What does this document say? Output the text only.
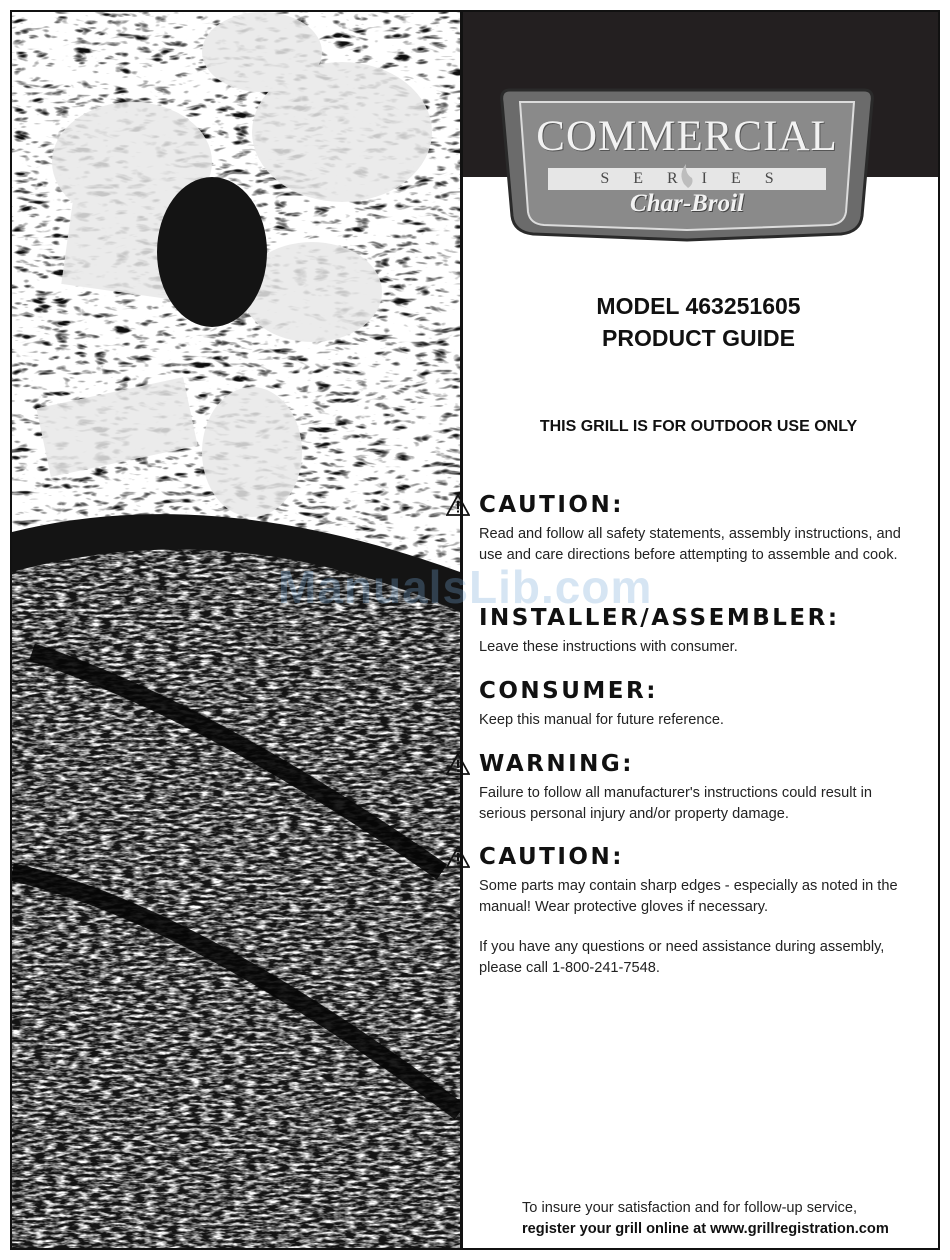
ManualsLib.com
COMMERCIAL
SERIES
Char-Broil
MODEL 463251605
PRODUCT GUIDE
THIS GRILL IS FOR OUTDOOR USE ONLY
CAUTION:
Read and follow all safety statements, assembly instructions, and use and care directions before attempting to assemble and cook.
INSTALLER/ASSEMBLER:
Leave these instructions with consumer.
CONSUMER:
Keep this manual for future reference.
WARNING:
Failure to follow all manufacturer's instructions could result in serious personal injury and/or property damage.
CAUTION:
Some parts may contain sharp edges - especially as noted in the manual! Wear protective gloves if necessary.
If you have any questions or need assistance during assembly, please call 1-800-241-7548.
To insure your satisfaction and for follow-up service,
register your grill online at www.grillregistration.com
